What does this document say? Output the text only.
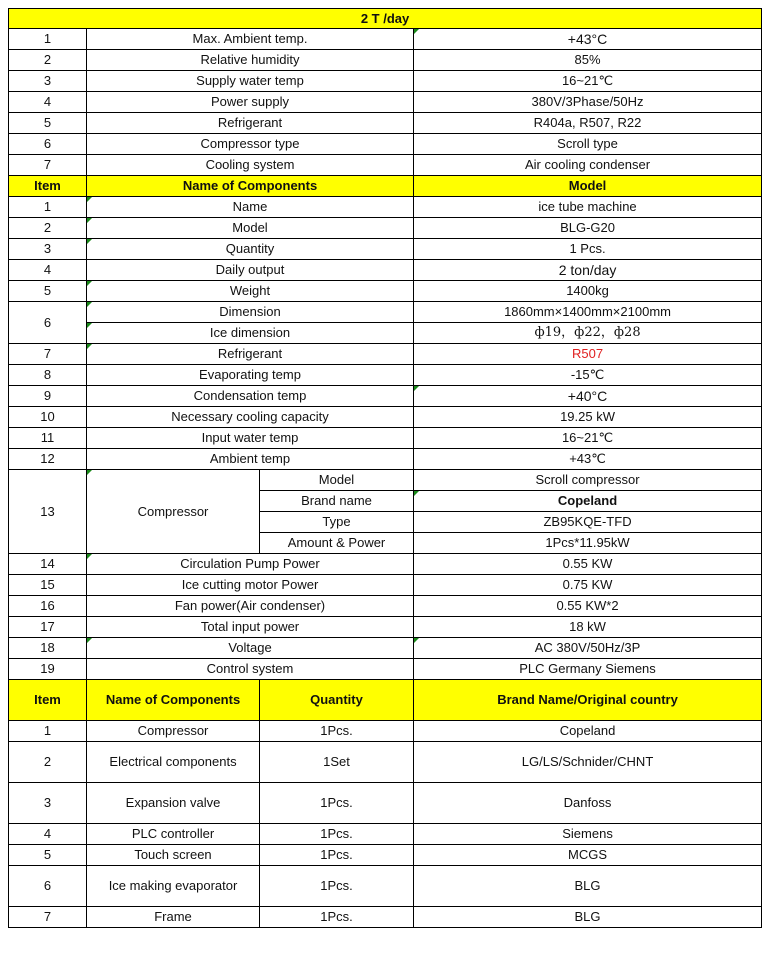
2 T /day			
1	Max. Ambient temp.		+43°C
2	Relative humidity		85%
3	Supply water temp		16~21℃
4	Power supply		380V/3Phase/50Hz
5	Refrigerant		R404a, R507, R22
6	Compressor type		Scroll type
7	Cooling system		Air cooling condenser
Item	Name of Components		Model
1	Name		ice tube machine
2	Model		BLG-G20
3	Quantity		1 Pcs.
4	Daily output		2 ton/day
5	Weight		1400kg
6	Dimension		1860mm×1400mm×2100mm
	Ice dimension		ф19，ф22，ф28
7	Refrigerant		R507
8	Evaporating temp		-15℃
9	Condensation temp		+40°C
10	Necessary cooling capacity		19.25 kW
11	Input water temp		16~21℃
12	Ambient temp		+43℃
13	Compressor	Model	Scroll compressor
		Brand name	Copeland
		Type	ZB95KQE-TFD
		Amount & Power	1Pcs*11.95kW
14	Circulation Pump Power		0.55 KW
15	Ice cutting motor Power		0.75 KW
16	Fan power(Air condenser)		0.55 KW*2
17	Total input power		18 kW
18	Voltage		AC 380V/50Hz/3P
19	Control system		PLC Germany Siemens
Item	Name of Components	Quantity	Brand Name/Original country
1	Compressor	1Pcs.	Copeland
2	Electrical components	1Set	LG/LS/Schnider/CHNT
3	Expansion valve	1Pcs.	Danfoss
4	PLC controller	1Pcs.	Siemens
5	Touch screen	1Pcs.	MCGS
6	Ice making evaporator	1Pcs.	BLG
7	Frame	1Pcs.	BLG
